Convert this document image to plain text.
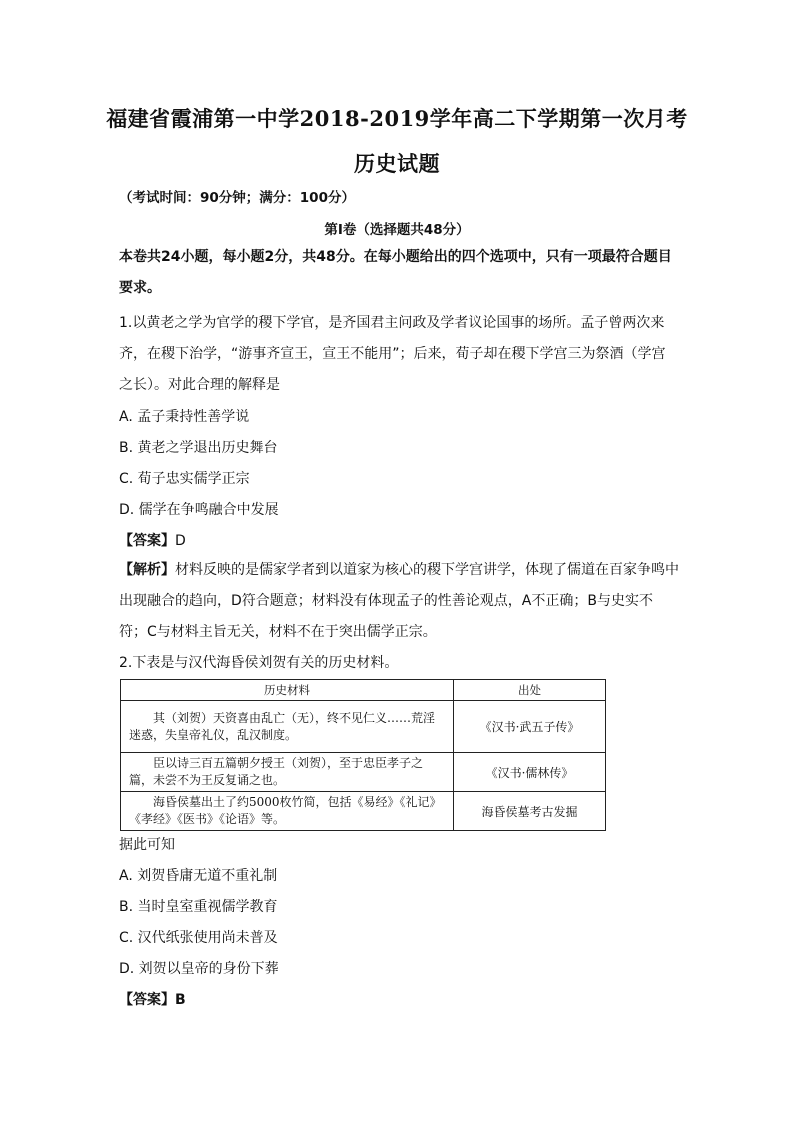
福建省霞浦第一中学2018-2019学年高二下学期第一次月考
历史试题
（考试时间：90分钟；满分：100分）
第Ⅰ卷（选择题共48分）
本卷共24小题，每小题2分，共48分。在每小题给出的四个选项中，只有一项最符合题目要求。
1.以黄老之学为官学的稷下学官，是齐国君主问政及学者议论国事的场所。孟子曾两次来齐，在稷下治学，“游事齐宣王，宣王不能用”；后来，荀子却在稷下学宫三为祭酒（学宫之长）。对此合理的解释是
A. 孟子秉持性善学说
B. 黄老之学退出历史舞台
C. 荀子忠实儒学正宗
D. 儒学在争鸣融合中发展
【答案】D
【解析】材料反映的是儒家学者到以道家为核心的稷下学宫讲学，体现了儒道在百家争鸣中出现融合的趋向，D符合题意；材料没有体现孟子的性善论观点，A不正确；B与史实不符；C与材料主旨无关，材料不在于突出儒学正宗。
2.下表是与汉代海昏侯刘贺有关的历史材料。
历史材料	出处
其（刘贺）天资喜由乱亡（无），终不见仁义……荒淫迷惑，失皇帝礼仪，乱汉制度。	《汉书·武五子传》
臣以诗三百五篇朝夕授王（刘贺），至于忠臣孝子之篇，未尝不为王反复诵之也。	《汉书·儒林传》
海昏侯墓出土了约5000枚竹简，包括《易经》《礼记》《孝经》《医书》《论语》等。	海昏侯墓考古发掘
据此可知
A. 刘贺昏庸无道不重礼制
B. 当时皇室重视儒学教育
C. 汉代纸张使用尚未普及
D. 刘贺以皇帝的身份下葬
【答案】B
